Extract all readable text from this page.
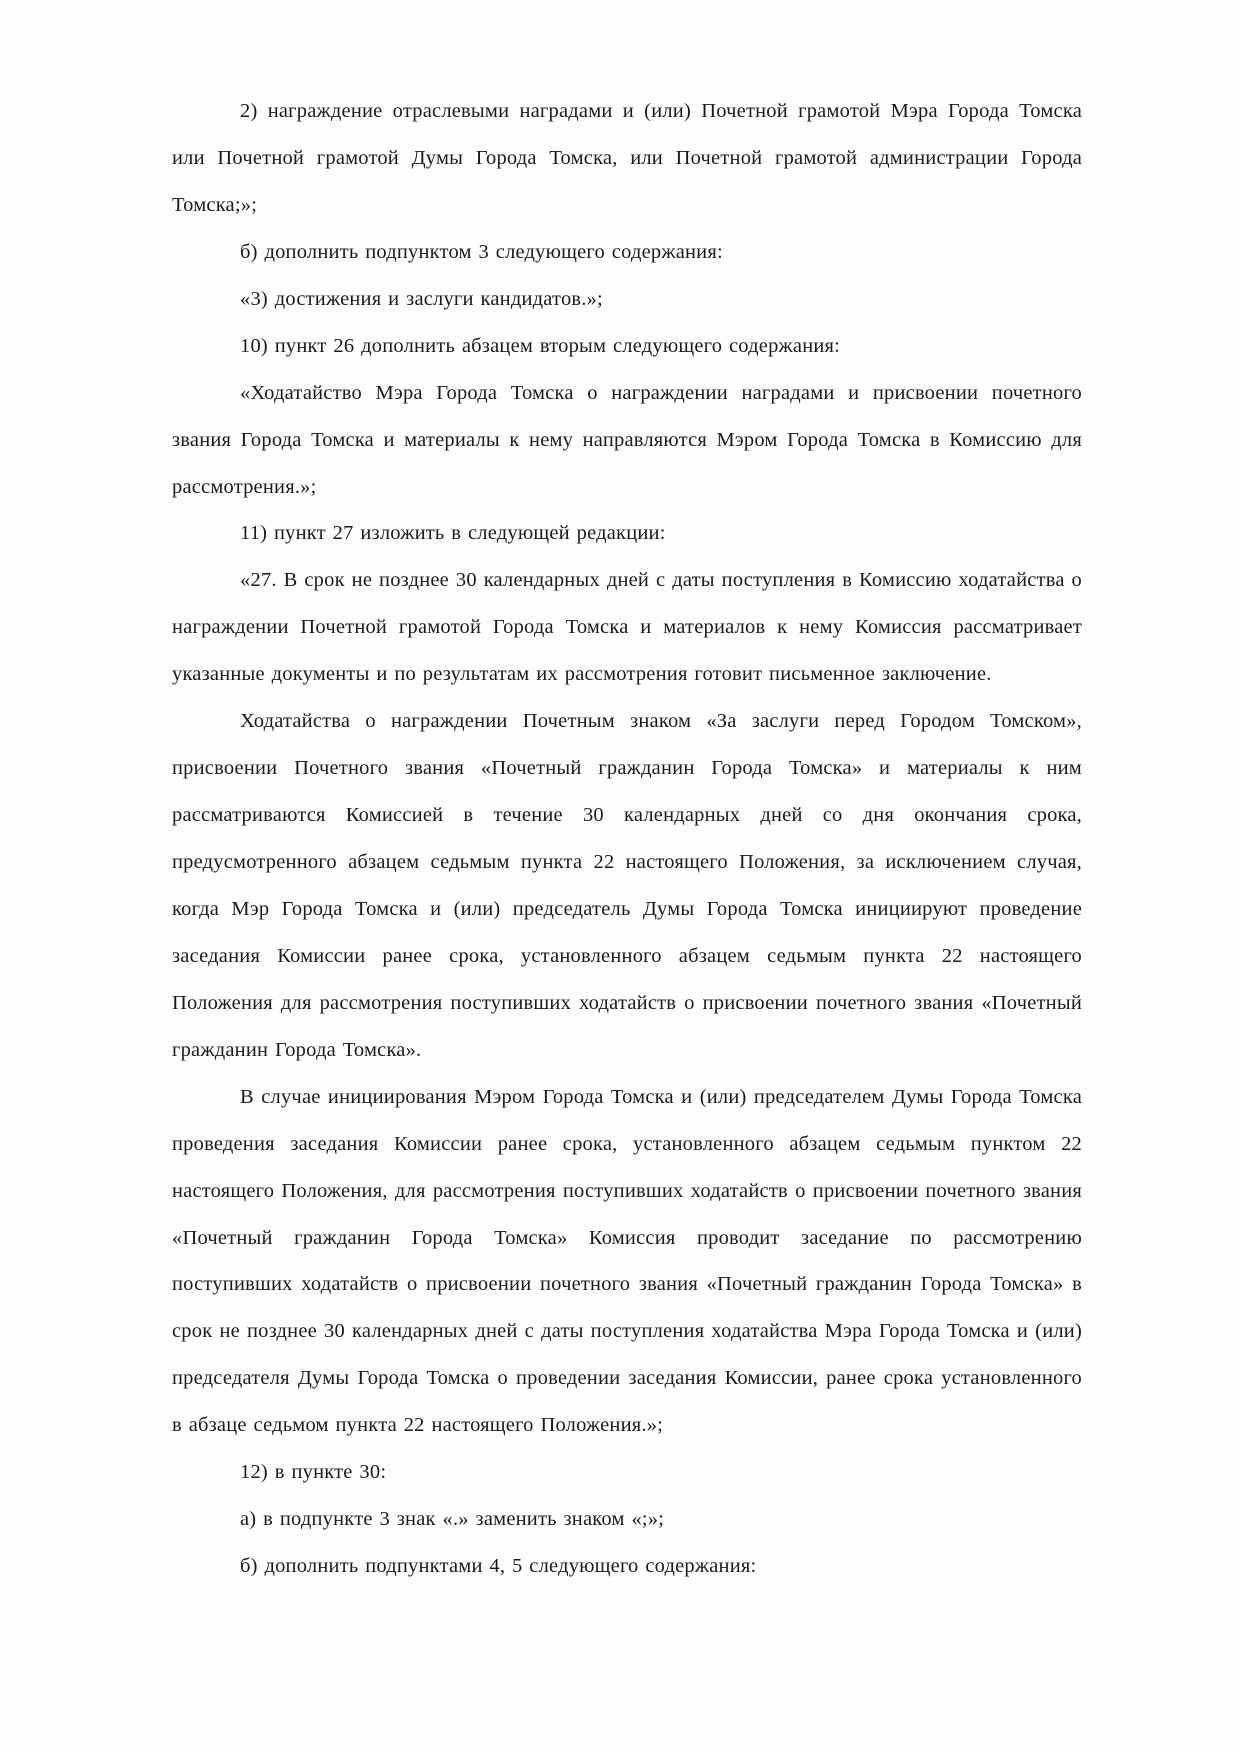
2) награждение отраслевыми наградами и (или) Почетной грамотой Мэра Города Томска или Почетной грамотой Думы Города Томска, или Почетной грамотой администрации Города Томска;»;

б) дополнить подпунктом 3 следующего содержания:

«3) достижения и заслуги кандидатов.»;

10) пункт 26 дополнить абзацем вторым следующего содержания:

«Ходатайство Мэра Города Томска о награждении наградами и присвоении почетного звания Города Томска и материалы к нему направляются Мэром Города Томска в Комиссию для рассмотрения.»;

11) пункт 27 изложить в следующей редакции:

«27. В срок не позднее 30 календарных дней с даты поступления в Комиссию ходатайства о награждении Почетной грамотой Города Томска и материалов к нему Комиссия рассматривает указанные документы и по результатам их рассмотрения готовит письменное заключение.

Ходатайства о награждении Почетным знаком «За заслуги перед Городом Томском», присвоении Почетного звания «Почетный гражданин Города Томска» и материалы к ним рассматриваются Комиссией в течение 30 календарных дней со дня окончания срока, предусмотренного абзацем седьмым пункта 22 настоящего Положения, за исключением случая, когда Мэр Города Томска и (или) председатель Думы Города Томска инициируют проведение заседания Комиссии ранее срока, установленного абзацем седьмым пункта 22 настоящего Положения для рассмотрения поступивших ходатайств о присвоении почетного звания «Почетный гражданин Города Томска».

В случае инициирования Мэром Города Томска и (или) председателем Думы Города Томска проведения заседания Комиссии ранее срока, установленного абзацем седьмым пунктом 22 настоящего Положения, для рассмотрения поступивших ходатайств о присвоении почетного звания «Почетный гражданин Города Томска» Комиссия проводит заседание по рассмотрению поступивших ходатайств о присвоении почетного звания «Почетный гражданин Города Томска» в срок не позднее 30 календарных дней с даты поступления ходатайства Мэра Города Томска и (или) председателя Думы Города Томска о проведении заседания Комиссии, ранее срока установленного в абзаце седьмом пункта 22 настоящего Положения.»;

12) в пункте 30:

а) в подпункте 3 знак «.» заменить знаком «;»;

б) дополнить подпунктами 4, 5 следующего содержания:
